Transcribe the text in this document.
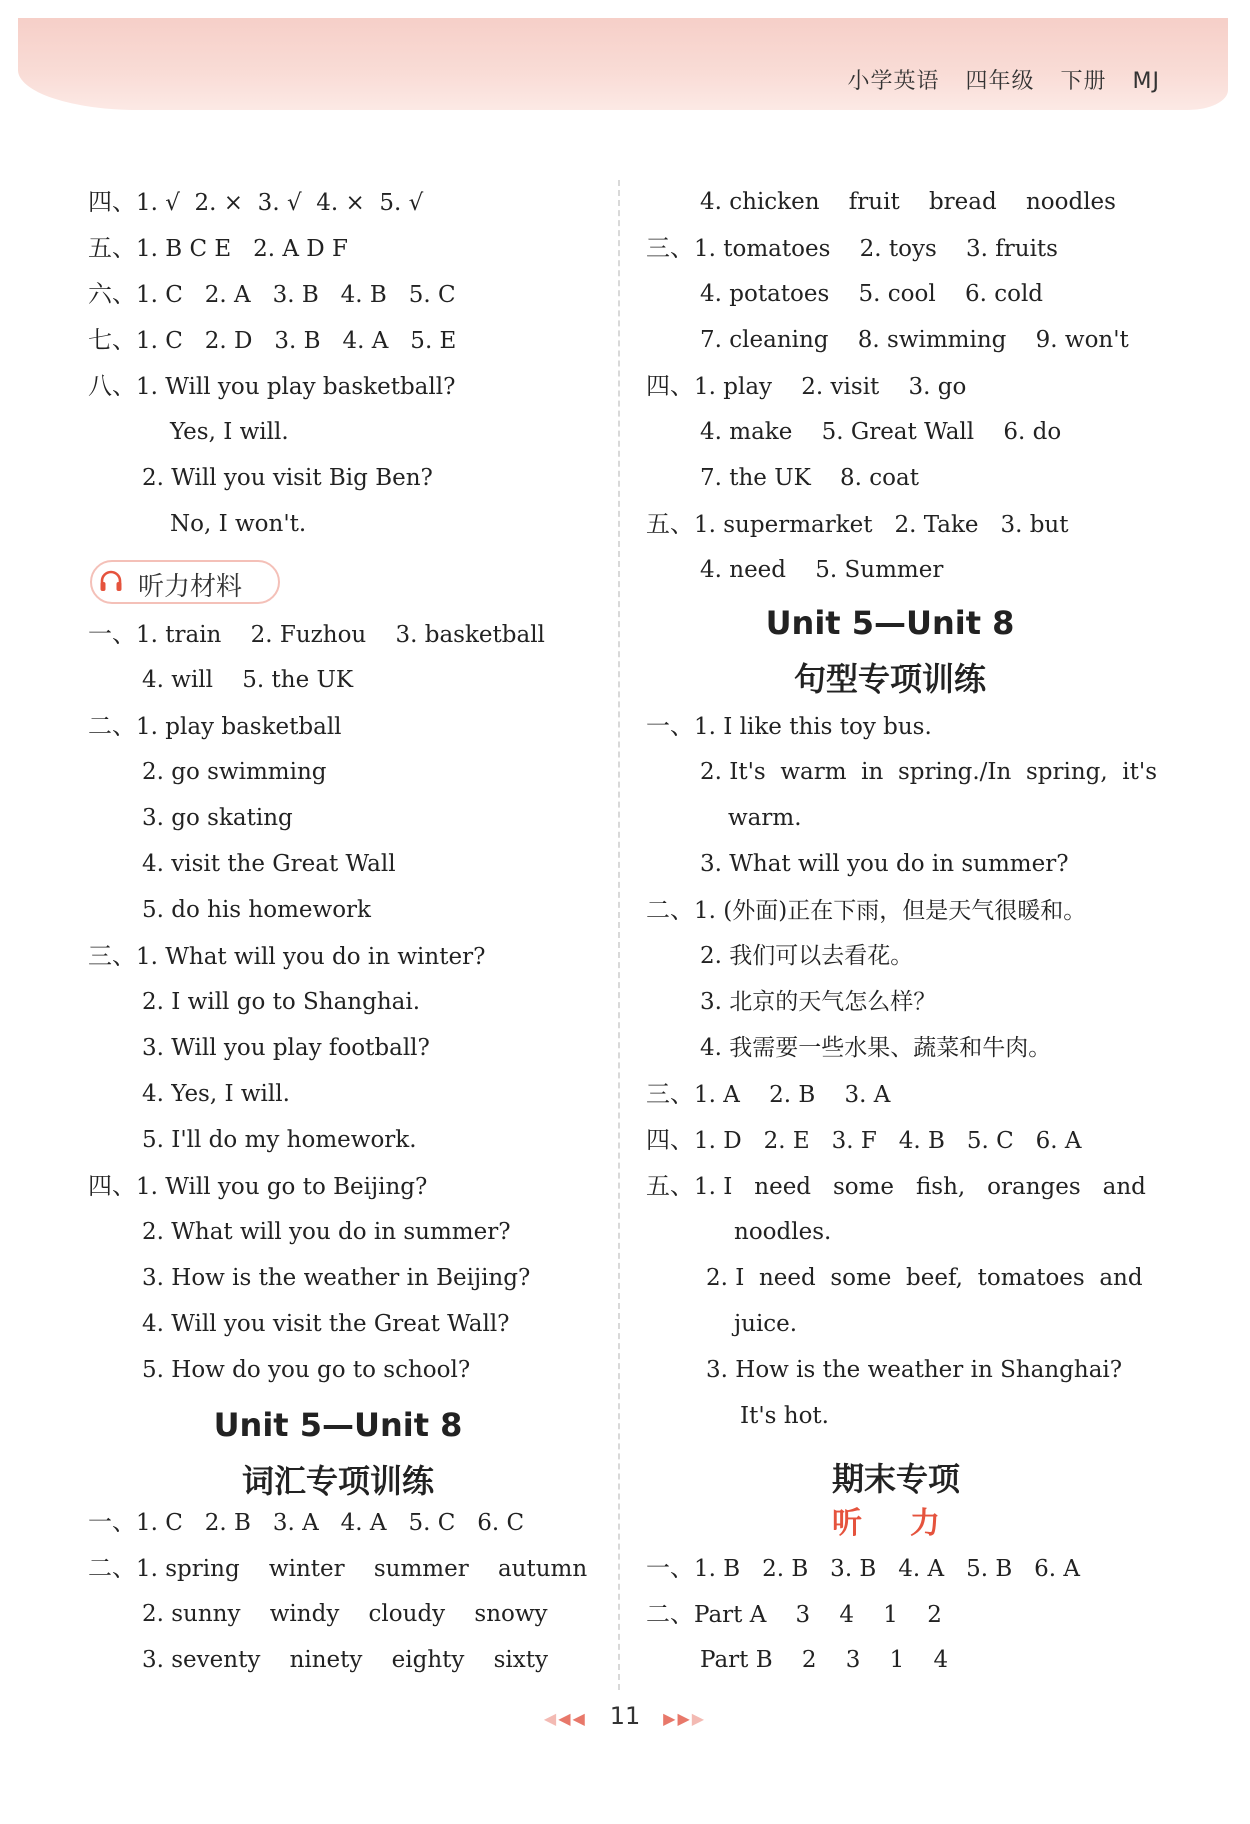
小学英语 四年级 下册 MJ
四、1. √  2. ×  3. √  4. ×  5. √
五、1. B C E   2. A D F
六、1. C   2. A   3. B   4. B   5. C
七、1. C   2. D   3. B   4. A   5. E
八、1. Will you play basketball?
Yes, I will.
2. Will you visit Big Ben?
No, I won't.
一、1. train    2. Fuzhou    3. basketball
4. will    5. the UK
二、1. play basketball
2. go swimming
3. go skating
4. visit the Great Wall
5. do his homework
三、1. What will you do in winter?
2. I will go to Shanghai.
3. Will you play football?
4. Yes, I will.
5. I'll do my homework.
四、1. Will you go to Beijing?
2. What will you do in summer?
3. How is the weather in Beijing?
4. Will you visit the Great Wall?
5. How do you go to school?
一、1. C   2. B   3. A   4. A   5. C   6. C
二、1. spring    winter    summer    autumn
2. sunny    windy    cloudy    snowy
3. seventy    ninety    eighty    sixty
4. chicken    fruit    bread    noodles
三、1. tomatoes    2. toys    3. fruits
4. potatoes    5. cool    6. cold
7. cleaning    8. swimming    9. won't
四、1. play    2. visit    3. go
4. make    5. Great Wall    6. do
7. the UK    8. coat
五、1. supermarket   2. Take   3. but
4. need    5. Summer
一、1. I like this toy bus.
2. It's  warm  in  spring./In  spring,  it's
warm.
3. What will you do in summer?
二、1. (外面)正在下雨，但是天气很暖和。
2. 我们可以去看花。
3. 北京的天气怎么样？
4. 我需要一些水果、蔬菜和牛肉。
三、1. A    2. B    3. A
四、1. D   2. E   3. F   4. B   5. C   6. A
五、1. I   need   some   fish,   oranges   and
noodles.
2. I  need  some  beef,  tomatoes  and
juice.
3. How is the weather in Shanghai?
It's hot.
一、1. B   2. B   3. B   4. A   5. B   6. A
二、Part A    3    4    1    2
Part B    2    3    1    4
听力材料
Unit 5—Unit 8
句型专项训练
Unit 5—Unit 8
词汇专项训练	期末专项
听力
◀◀◀ 11 ▶▶▶
